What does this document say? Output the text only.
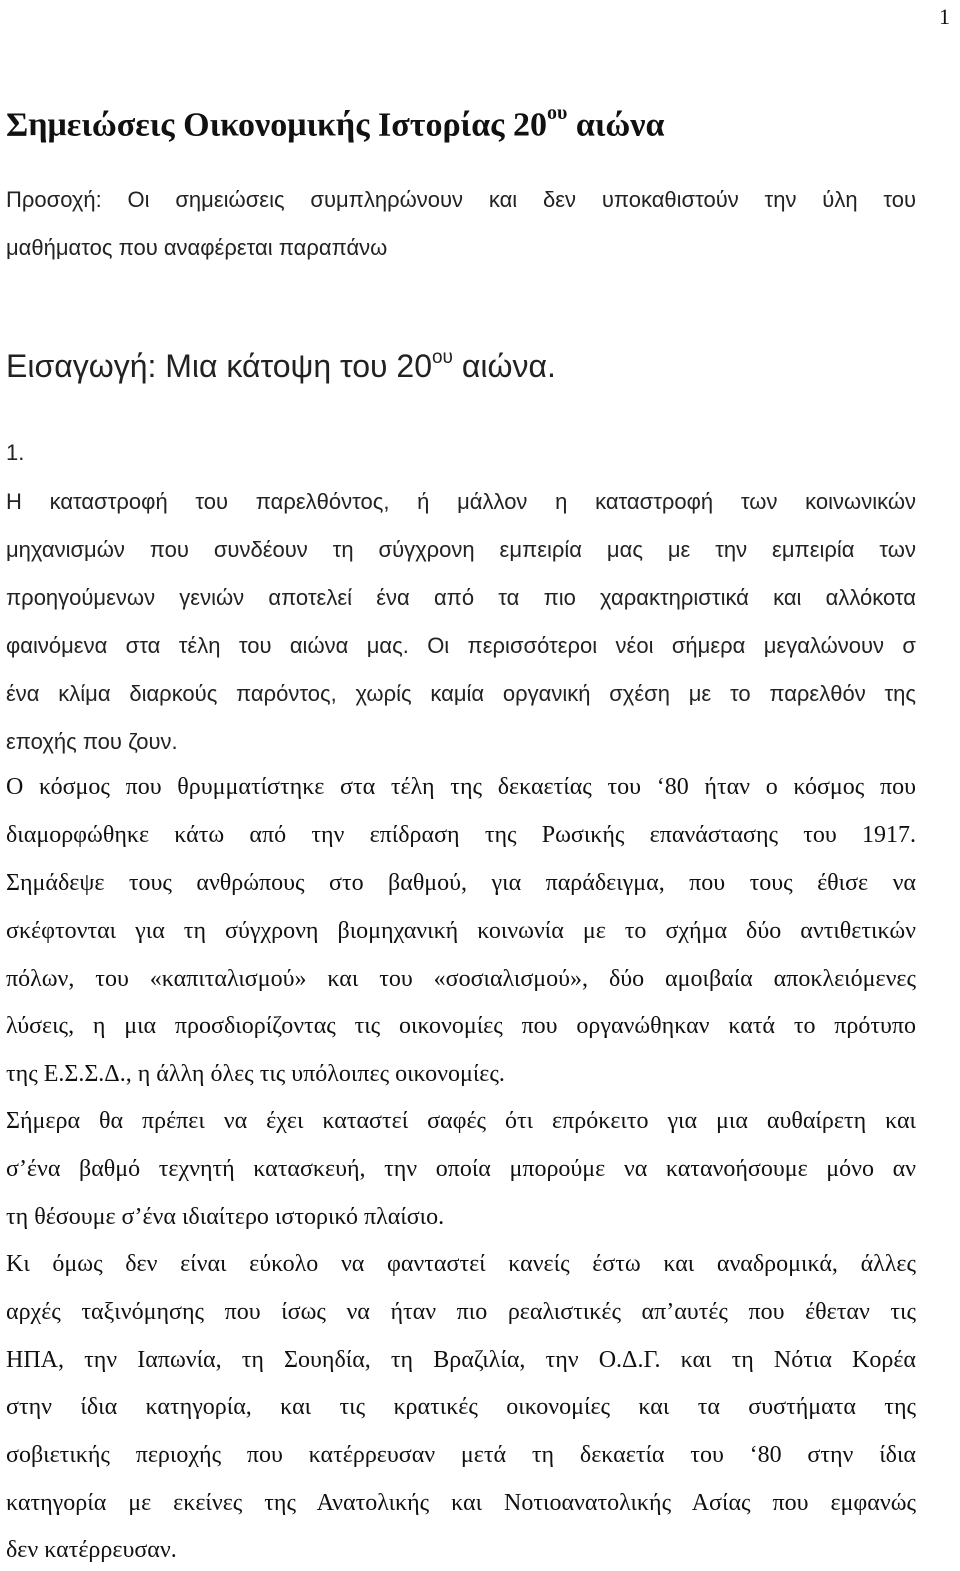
1
Σημειώσεις Οικονομικής Ιστορίας $20^{o\upsilon}$ αιώνα

Προσοχή: Οι σημειώσεις συμπληρώνουν και δεν υποκαθιστούν την ύλη του

μαθήματος που αναφέρεται παραπάνω

Εισαγωγή: Μια κάτοψη του $20^{o\upsilon}$ αιώνα.
1.

Η καταστροφή του παρελθόντος, ή μάλλον η καταστροφή των κοινωνικών

μηχανισμών που συνδέουν τη σύγχρονη εμπειρία μας με την εμπειρία των

προηγούμενων γενιών αποτελεί ένα από τα πιο χαρακτηριστικά και αλλόκοτα

φαινόμενα στα τέλη του αιώνα μας. Οι περισσότεροι νέοι σήμερα μεγαλώνουν σ

ένα κλίμα διαρκούς παρόντος, χωρίς καμία οργανική σχέση με το παρελθόν της

εποχής που ζουν.

Ο κόσμος που θρυμματίστηκε στα τέλη της δεκαετίας του ‘80 ήταν ο κόσμος που

διαμορφώθηκε κάτω από την επίδραση της Ρωσικής επανάστασης του 1917.

Σημάδεψε τους ανθρώπους στο βαθμού, για παράδειγμα, που τους έθισε να

σκέφτονται για τη σύγχρονη βιομηχανική κοινωνία με το σχήμα δύο αντιθετικών

πόλων, του «καπιταλισμού» και του «σοσιαλισμού», δύο αμοιβαία αποκλειόμενες

λύσεις, η μια προσδιορίζοντας τις οικονομίες που οργανώθηκαν κατά το πρότυπο

της Ε.Σ.Σ.Δ., η άλλη όλες τις υπόλοιπες οικονομίες.

Σήμερα θα πρέπει να έχει καταστεί σαφές ότι επρόκειτο για μια αυθαίρετη και

σ’ένα βαθμό τεχνητή κατασκευή, την οποία μπορούμε να κατανοήσουμε μόνο αν

τη θέσουμε σ’ένα ιδιαίτερο ιστορικό πλαίσιο.

Κι όμως δεν είναι εύκολο να φανταστεί κανείς έστω και αναδρομικά, άλλες

αρχές ταξινόμησης που ίσως να ήταν πιο ρεαλιστικές απ’αυτές που έθεταν τις

ΗΠΑ, την Ιαπωνία, τη Σουηδία, τη Βραζιλία, την Ο.Δ.Γ. και τη Νότια Κορέα

στην ίδια κατηγορία, και τις κρατικές οικονομίες και τα συστήματα της

σοβιετικής περιοχής που κατέρρευσαν μετά τη δεκαετία του ‘80 στην ίδια

κατηγορία με εκείνες της Ανατολικής και Νοτιοανατολικής Ασίας που εμφανώς

δεν κατέρρευσαν.
